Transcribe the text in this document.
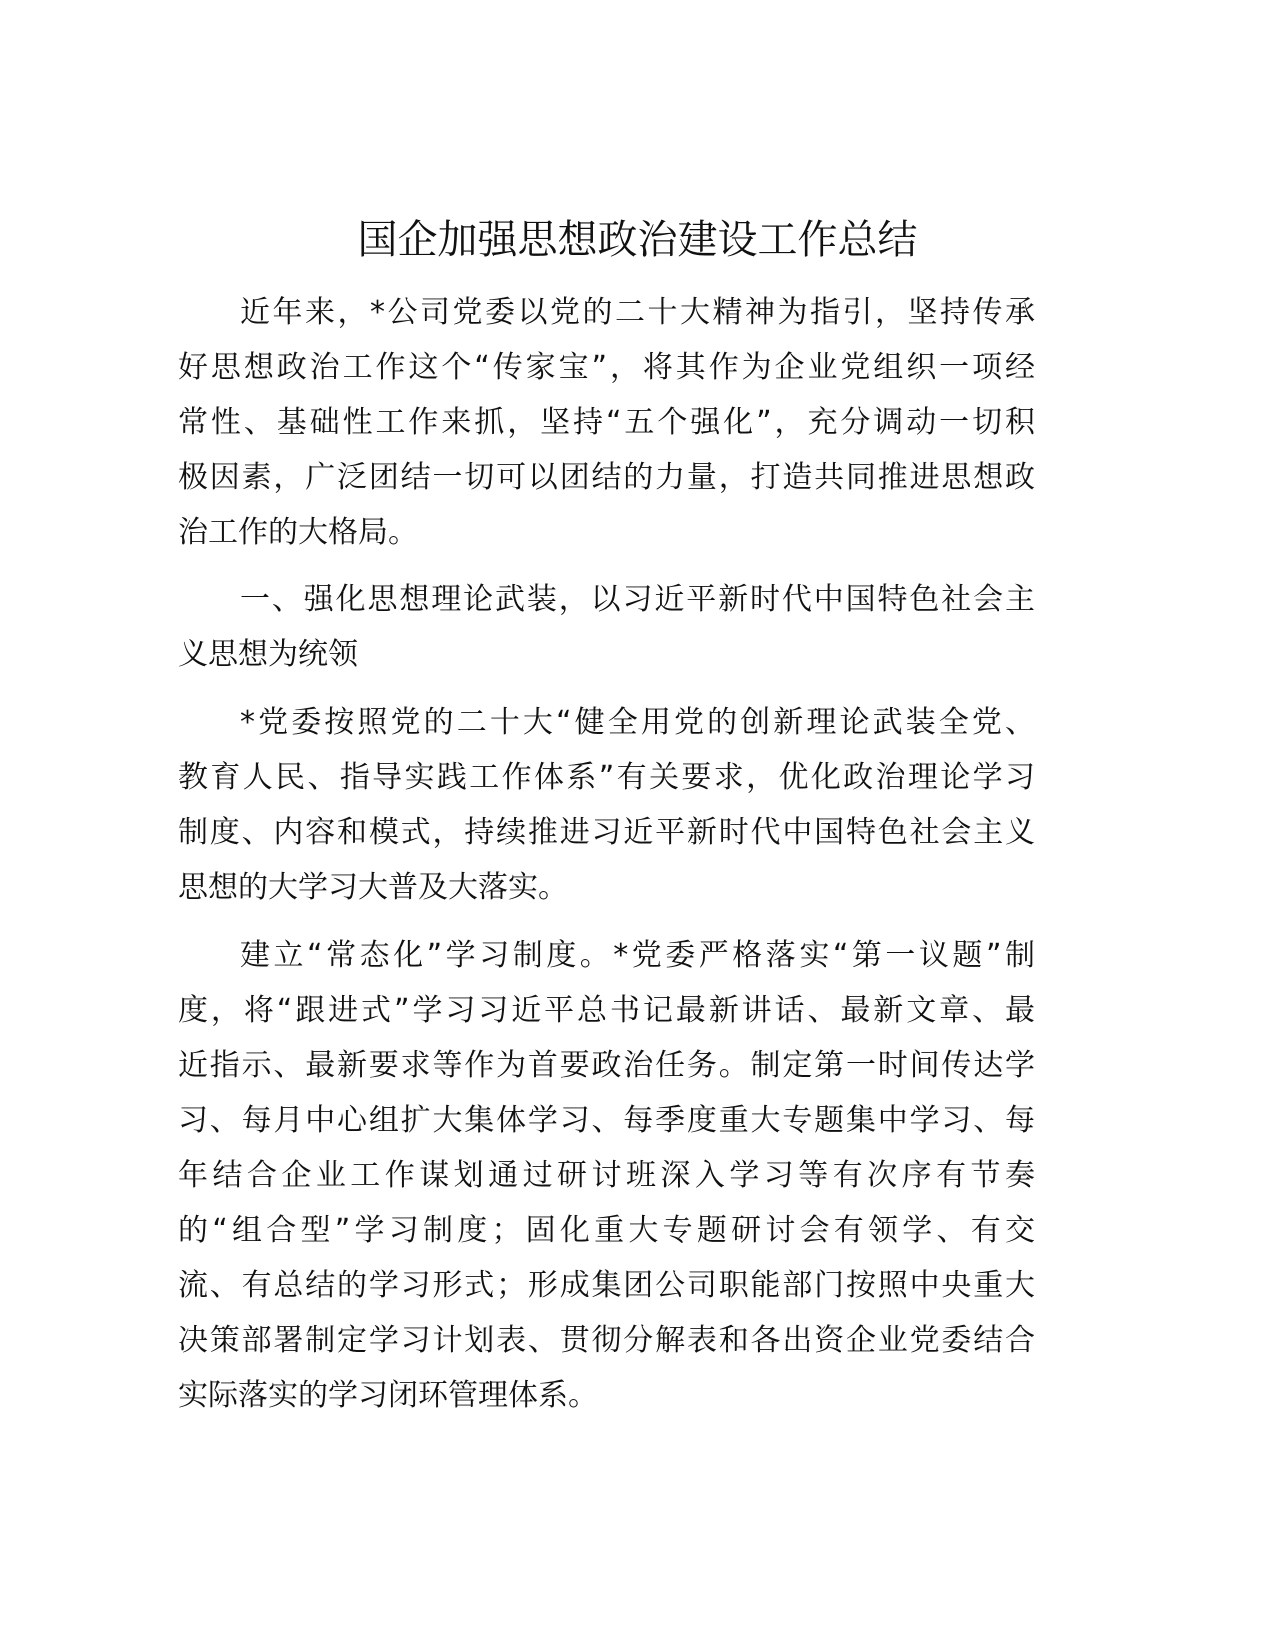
国企加强思想政治建设工作总结
近年来，*公司党委以党的二十大精神为指引，坚持传承
好思想政治工作这个“传家宝”，将其作为企业党组织一项经
常性、基础性工作来抓，坚持“五个强化”，充分调动一切积
极因素，广泛团结一切可以团结的力量，打造共同推进思想政
治工作的大格局。
一、强化思想理论武装，以习近平新时代中国特色社会主
义思想为统领
*党委按照党的二十大“健全用党的创新理论武装全党、
教育人民、指导实践工作体系”有关要求，优化政治理论学习
制度、内容和模式，持续推进习近平新时代中国特色社会主义
思想的大学习大普及大落实。
建立“常态化”学习制度。*党委严格落实“第一议题”制
度，将“跟进式”学习习近平总书记最新讲话、最新文章、最
近指示、最新要求等作为首要政治任务。制定第一时间传达学
习、每月中心组扩大集体学习、每季度重大专题集中学习、每
年结合企业工作谋划通过研讨班深入学习等有次序有节奏
的“组合型”学习制度；固化重大专题研讨会有领学、有交
流、有总结的学习形式；形成集团公司职能部门按照中央重大
决策部署制定学习计划表、贯彻分解表和各出资企业党委结合
实际落实的学习闭环管理体系。
